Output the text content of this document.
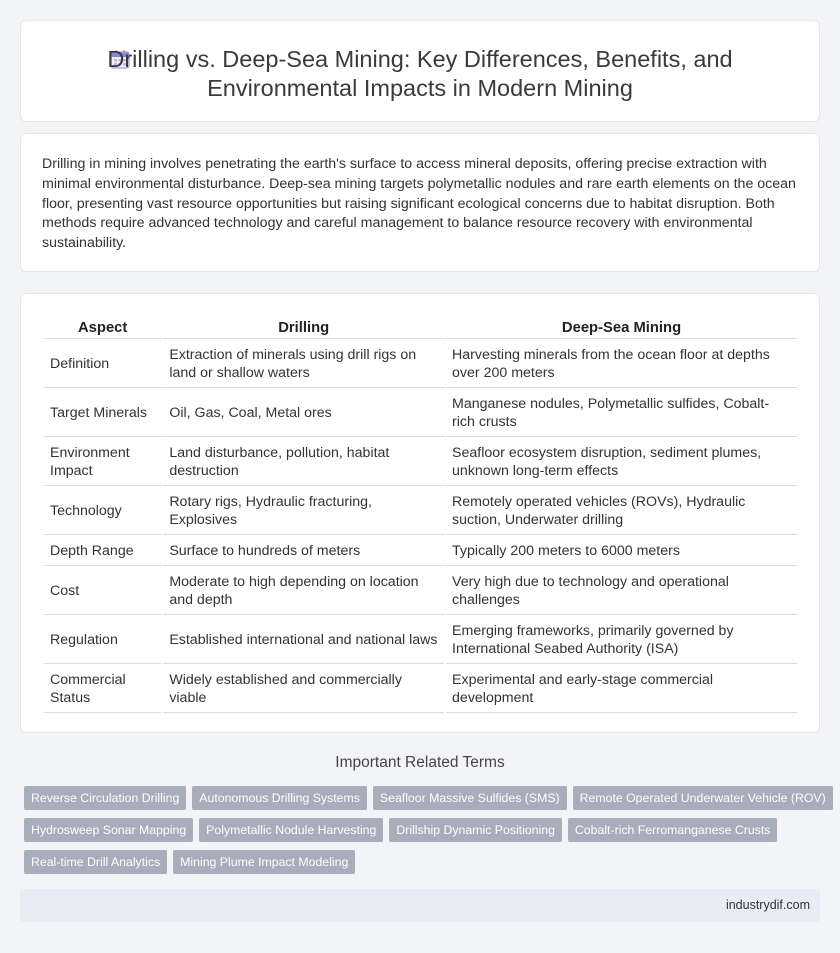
Drilling vs. Deep-Sea Mining: Key Differences, Benefits, and Environmental Impacts in Modern Mining

Drilling in mining involves penetrating the earth's surface to access mineral deposits, offering precise extraction with minimal environmental disturbance. Deep-sea mining targets polymetallic nodules and rare earth elements on the ocean floor, presenting vast resource opportunities but raising significant ecological concerns due to habitat disruption. Both methods require advanced technology and careful management to balance resource recovery with environmental sustainability.

Aspect	Drilling	Deep-Sea Mining
Definition	Extraction of minerals using drill rigs on land or shallow waters	Harvesting minerals from the ocean floor at depths over 200 meters
Target Minerals	Oil, Gas, Coal, Metal ores	Manganese nodules, Polymetallic sulfides, Cobalt-rich crusts
Environment Impact	Land disturbance, pollution, habitat destruction	Seafloor ecosystem disruption, sediment plumes, unknown long-term effects
Technology	Rotary rigs, Hydraulic fracturing, Explosives	Remotely operated vehicles (ROVs), Hydraulic suction, Underwater drilling
Depth Range	Surface to hundreds of meters	Typically 200 meters to 6000 meters
Cost	Moderate to high depending on location and depth	Very high due to technology and operational challenges
Regulation	Established international and national laws	Emerging frameworks, primarily governed by International Seabed Authority (ISA)
Commercial Status	Widely established and commercially viable	Experimental and early-stage commercial development
Important Related Terms
Reverse Circulation Drilling	Autonomous Drilling Systems	Seafloor Massive Sulfides (SMS)	Remote Operated Underwater Vehicle (ROV)
Hydrosweep Sonar Mapping	Polymetallic Nodule Harvesting	Drillship Dynamic Positioning	Cobalt-rich Ferromanganese Crusts
Real-time Drill Analytics	Mining Plume Impact Modeling
industrydif.com
